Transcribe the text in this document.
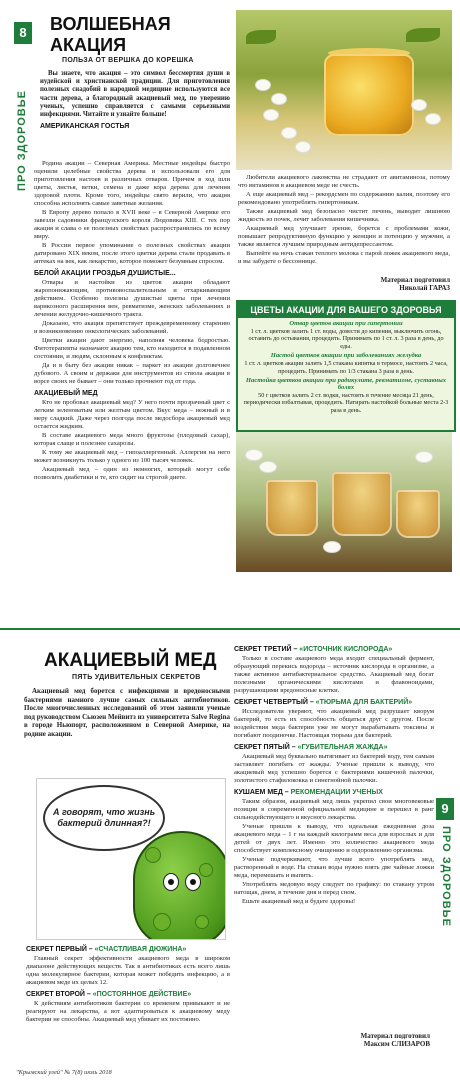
8
ПРО ЗДОРОВЬЕ
ВОЛШЕБНАЯ АКАЦИЯ
ПОЛЬЗА ОТ ВЕРШКА ДО КОРЕШКА

Вы знаете, что акация – это символ бессмертия души в иудейской и христианской традиции. Для приготовления полезных снадобий в народной медицине используются все части дерева, а благородный акациевый мед, по уверению ученых, успешно справляется с самыми серьезными инфекциями. Читайте и узнайте больше!

АМЕРИКАНСКАЯ ГОСТЬЯ

Родина акации – Северная Америка. Местные индейцы быстро оценили целебные свойства дерева и использовали его для приготовления настоев и различных отваров. Причем в ход шли цветы, листья, ветки, семена и даже кора дерева для лечения здоровой плоти. Кроме того, индейцы свято верили, что акация способна исполнять самые заветные желания.

В Европу дерево попало в XVII веке – в Северной Америке его завезли садовники французского короля Людовика XIII. С тех пор акация и слава о ее полезных свойствах распространились по всему миру.

В России первое упоминание о полезных свойствах акации датировано XIX веком, после этого цветки дерева стали продавать в аптеках на век, как лекарство, которое поможет безумным спросом.

БЕЛОЙ АКАЦИИ ГРОЗДЬЯ ДУШИСТЫЕ...

Отвары и настойки из цветов акации обладают жаропонижающим, противовоспалительным и отхаркивающим действием. Особенно полезны душистые цветы при лечении варикозного расширения вен, ревматизме, женских заболеваниях и лечении желудочно-кишечного тракта.

Доказано, что акация препятствует преждевременному старению и возникновению онкологических заболеваний.

Цветки акации дают энергию, наполняя человека бодростью. Фитотерапевты назначают акацию тем, кто находится в подавленном состоянии, и людям, склонным к конфликтам.

Да и в быту без акации никак – паркет из акации долговечнее дубового. А своим и держаки для инструментов из ствола акации в ворсе своих не бывает – они только прочнеют год от года.

АКАЦИЕВЫЙ МЕД

Кто не пробовал акациевый мед? У него почти прозрачный цвет с легким зеленоватым или желтым цветом. Вкус меда – нежный и в меру сладкий. Даже через полгода после медосбора акациевый мед остается жидким.

В составе акациевого меда много фруктозы (плодовый сахар), которая слаще и полезнее сахарозы.

К тому же акациевый мед – гипоаллергенный. Аллергия на него может возникнуть только у одного из 100 тысяч человек.

Акациевый мед – один из немногих, который могут себе позволить диабетики и те, кто сидит на строгой диете.

Любители акациевого лакомства не страдают от авитаминоза, потому что витаминов в акациевом меде не счесть.

А еще акациевый мед – рекордсмен по содержанию калия, поэтому его рекомендовано употреблять гипертоникам.

Также акациевый мед безопасно чистит печень, выводит лишнюю жидкость из почек, лечит заболевания кишечника.

Акациевый мед улучшает зрение, борется с проблемами кожи, повышает репродуктивную функцию у женщин и потенцию у мужчин, а также является лучшим природным антидепрессантом.

Выпейте на ночь стакан теплого молока с парой ложек акациевого меда, и вы забудете о бессоннице.

Материал подготовил
Николай ГАРАЗ
ЦВЕТЫ АКАЦИИ ДЛЯ ВАШЕГО ЗДОРОВЬЯ
Отвар цветов акации при гипертонии
1 ст. л. цветков залить 1 ст. воды, довести до кипения, выключить огонь, оставить до остывания, процедить. Принимать по 1 ст. л. 3 раза в день, до еды.
Настой цветков акации при заболеваниях желудка
1 ст. л. цветков акации залить 1,5 стакана кипятка в термосе, настоять 2 часа, процедить. Принимать по 1/3 стакана 3 раза в день.
Настойка цветков акации при радикулите, ревматизме, суставных болях
50 г цветков залить 2 ст. водки, настоять в течение месяца 21 день, периодически взбалтывая, процедить. Натирать настойкой больные места 2-3 раза в день.
9
ПРО ЗДОРОВЬЕ
АКАЦИЕВЫЙ МЕД
ПЯТЬ УДИВИТЕЛЬНЫХ СЕКРЕТОВ

Акациевый мед борется с инфекциями и вредоносными бактериями намного лучше самых сильных антибиотиков. После многочисленных исследований об этом заявили ученые под руководством Сьюзен Мейвитз из университета Salve Regina в городе Ньюпорт, расположенном в Северной Америке, на родине акации.

А говорят, что жизнь бактерий длинная?!
СЕКРЕТ ПЕРВЫЙ – «СЧАСТЛИВАЯ ДЮЖИНА»

Главный секрет эффективности акациевого меда в широком диапазоне действующих веществ. Так в антибиотиках есть всего лишь одна молекулярное бактерии, которая может победить инфекцию, а в акациевом меде их целых 12.

СЕКРЕТ ВТОРОЙ – «ПОСТОЯННОЕ ДЕЙСТВИЕ»

К действиям антибиотиков бактерии со временем привыкают и не реагируют на лекарства, а вот адаптироваться к акациевому меду бактерии не способны. Акациевый мед убивает их постоянно.

СЕКРЕТ ТРЕТИЙ – «ИСТОЧНИК КИСЛОРОДА»

Только в составе акациевого меда входит специальный фермент, образующий перекись водорода – источник кислорода в организме, а также активное антибактериальное средство. Акациевый мед богат полезными органическими кислотами и флавоноидами, разрушающими вредоносные клетки.

СЕКРЕТ ЧЕТВЕРТЫЙ – «ТЮРЬМА ДЛЯ БАКТЕРИЙ»

Исследователи уверяют, что акациевый мед разрушает кворум бактерий, то есть их способность общаться друг с другом. После воздействия меда бактерии уже не могут вырабатывать токсины и погибают поодиночке. Настоящая тюрьма для бактерий.

СЕКРЕТ ПЯТЫЙ – «ГУБИТЕЛЬНАЯ ЖАЖДА»

Акациевый мед буквально вытягивает из бактерий воду, тем самым заставляет погибать от жажды. Ученые пришли к выводу, что акациевый мед успешно борется с бактериями кишечной палочки, золотистого стафилококка и синегнойной палочки.

КУШАЕМ МЕД – РЕКОМЕНДАЦИИ УЧЕНЫХ

Таким образом, акациевый мед лишь укрепил свои многовековые позиции в современной официальной медицине и перешел в ранг сильнодействующего и вкусного лекарства.

Ученые пришли к выводу, что идеальная ежедневная доза акациевого меда – 1 г на каждый килограмм веса для взрослых и для детей от двух лет. Именно это количество акациевого меда способствует комплексному очищению и оздоровлению организма.

Ученые подчеркивают, что лучше всего употреблять мед, растворенный в воде. На стакан воды нужно взять две чайные ложки меда, перемешать и выпить.

Употреблять медовую воду следует по графику: по стакану утром натощак, днем, в течение дня и перед сном.

Ешьте акациевый мед и будьте здоровы!

Материал подготовил
Максим СЛИЗАРОВ
"Крымский улей" № 7(8) июль 2018
